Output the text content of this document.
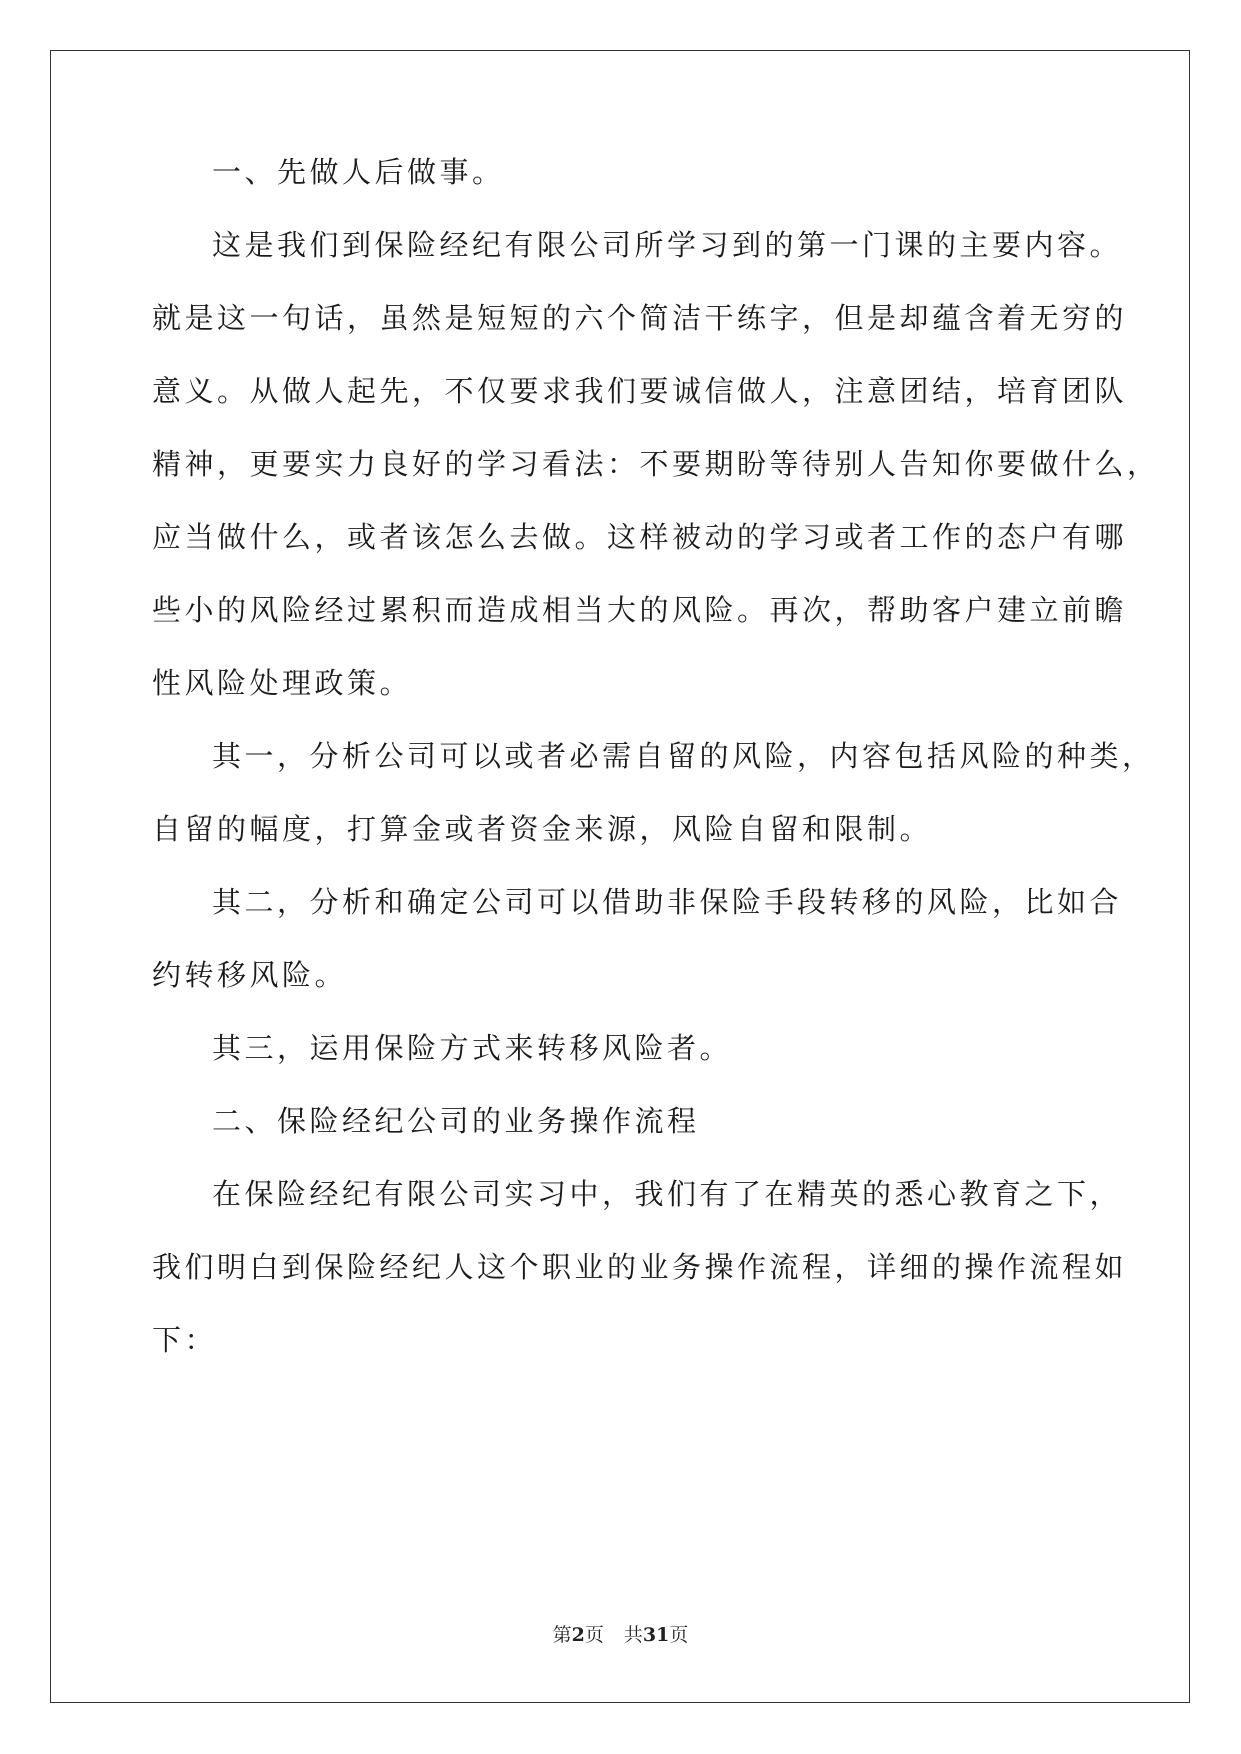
一、先做人后做事。
这是我们到保险经纪有限公司所学习到的第一门课的主要内容。
就是这一句话，虽然是短短的六个简洁干练字，但是却蕴含着无穷的
意义。从做人起先，不仅要求我们要诚信做人，注意团结，培育团队
精神，更要实力良好的学习看法：不要期盼等待别人告知你要做什么，
应当做什么，或者该怎么去做。这样被动的学习或者工作的态户有哪
些小的风险经过累积而造成相当大的风险。再次，帮助客户建立前瞻
性风险处理政策。
其一，分析公司可以或者必需自留的风险，内容包括风险的种类，
自留的幅度，打算金或者资金来源，风险自留和限制。
其二，分析和确定公司可以借助非保险手段转移的风险，比如合
约转移风险。
其三，运用保险方式来转移风险者。
二、保险经纪公司的业务操作流程
在保险经纪有限公司实习中，我们有了在精英的悉心教育之下，
我们明白到保险经纪人这个职业的业务操作流程，详细的操作流程如
下：
第2页 共31页
